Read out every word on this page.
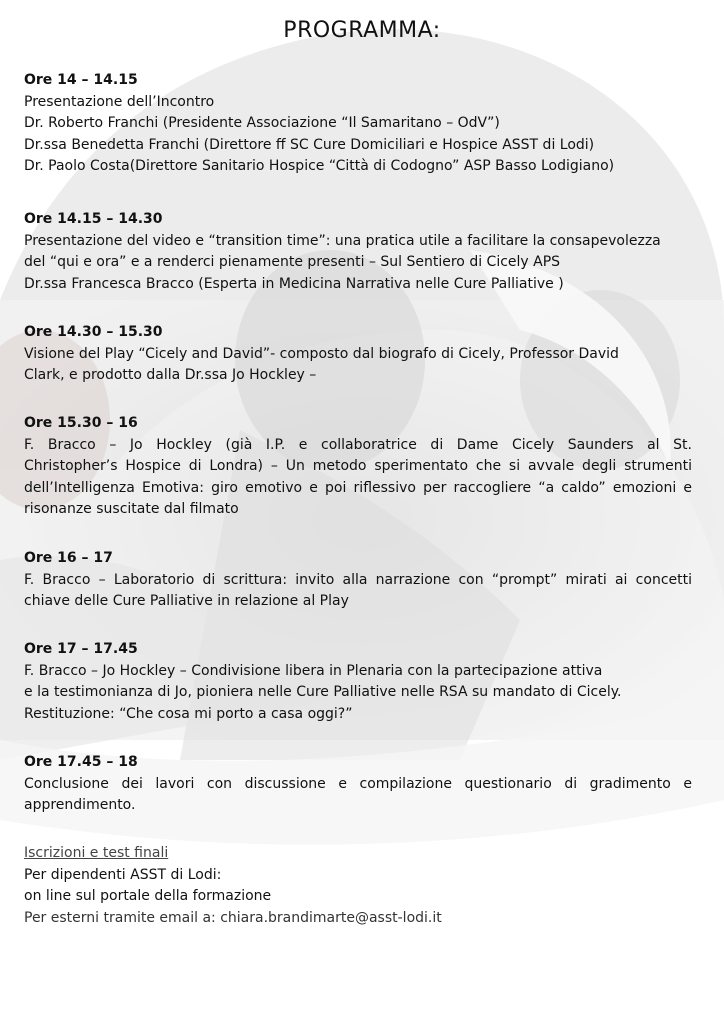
PROGRAMMA:
Ore 14 – 14.15
Presentazione dell’Incontro
Dr. Roberto Franchi (Presidente Associazione “Il Samaritano – OdV”)
Dr.ssa Benedetta Franchi (Direttore ff SC Cure Domiciliari e Hospice ASST di Lodi)
Dr. Paolo Costa(Direttore Sanitario Hospice “Città di Codogno” ASP Basso Lodigiano)
Ore 14.15 – 14.30
Presentazione del video e “transition time”: una pratica utile a facilitare la consapevolezza
del “qui e ora” e a renderci pienamente presenti – Sul Sentiero di Cicely APS
Dr.ssa Francesca Bracco (Esperta in Medicina Narrativa nelle Cure Palliative )
Ore 14.30 – 15.30
Visione del Play “Cicely and David”- composto dal biografo di Cicely, Professor David
Clark, e prodotto dalla Dr.ssa Jo Hockley –
Ore 15.30 – 16
F. Bracco – Jo Hockley (già I.P. e collaboratrice di Dame Cicely Saunders al St.
Christopher’s Hospice di Londra) – Un metodo sperimentato che si avvale degli strumenti
dell’Intelligenza Emotiva: giro emotivo e poi riflessivo per raccogliere “a caldo” emozioni e
risonanze suscitate dal filmato
Ore 16 – 17
F. Bracco – Laboratorio di scrittura: invito alla narrazione con “prompt” mirati ai concetti
chiave delle Cure Palliative in relazione al Play
Ore 17 – 17.45
F. Bracco – Jo Hockley – Condivisione libera in Plenaria con la partecipazione attiva
e la testimonianza di Jo, pioniera nelle Cure Palliative nelle RSA su mandato di Cicely.
Restituzione: “Che cosa mi porto a casa oggi?”
Ore 17.45 – 18
Conclusione dei lavori con discussione e compilazione questionario di gradimento e
apprendimento.
Iscrizioni e test finali
Per dipendenti ASST di Lodi:
on line sul portale della formazione
Per esterni tramite email a: chiara.brandimarte@asst-lodi.it
